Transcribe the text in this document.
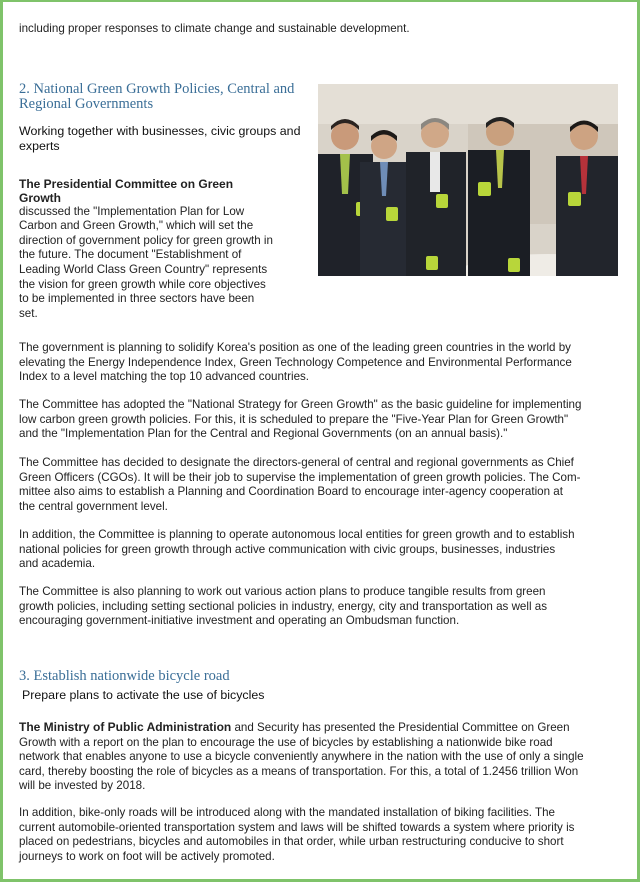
including proper responses to climate change and sustainable development.

2. National Green Growth Policies, Central and
Regional Governments
Working together with businesses, civic groups and
experts

The Presidential Committee on Green

Growth

discussed the "Implementation Plan for Low

Carbon and Green Growth," which will set the

direction of government policy for green growth in

the future. The document "Establishment of

Leading World Class Green Country" represents

the vision for green growth while core objectives

to be implemented in three sectors have been

set.

The government is planning to solidify Korea's position as one of the leading green countries in the world by

elevating the Energy Independence Index, Green Technology Competence and Environmental Performance

Index to a level matching the top 10 advanced countries.

The Committee has adopted the "National Strategy for Green Growth" as the basic guideline for implementing

low carbon green growth policies. For this, it is scheduled to prepare the "Five-Year Plan for Green Growth"

and the "Implementation Plan for the Central and Regional Governments (on an annual basis)."

The Committee has decided to designate the directors-general of central and regional governments as Chief

Green Officers (CGOs). It will be their job to supervise the implementation of green growth policies. The Com-

mittee also aims to establish a Planning and Coordination Board to encourage inter-agency cooperation at

the central government level.

In addition, the Committee is planning to operate autonomous local entities for green growth and to establish

national policies for green growth through active communication with civic groups, businesses, industries

and academia.

The Committee is also planning to work out various action plans to produce tangible results from green

growth policies, including setting sectional policies in industry, energy, city and transportation as well as

encouraging government-initiative investment and operating an Ombudsman function.

3. Establish nationwide bicycle road
Prepare plans to activate the use of bicycles

The Ministry of Public Administration and Security has presented the Presidential Committee on Green

Growth with a report on the plan to encourage the use of bicycles by establishing a nationwide bike road

network that enables anyone to use a bicycle conveniently anywhere in the nation with the use of only a single

card, thereby boosting the role of bicycles as a means of transportation. For this, a total of 1.2456 trillion Won

will be invested by 2018.

In addition, bike-only roads will be introduced along with the mandated installation of biking facilities. The

current automobile-oriented transportation system and laws will be shifted towards a system where priority is

placed on pedestrians, bicycles and automobiles in that order, while urban restructuring conducive to short

journeys to work on foot will be actively promoted.
